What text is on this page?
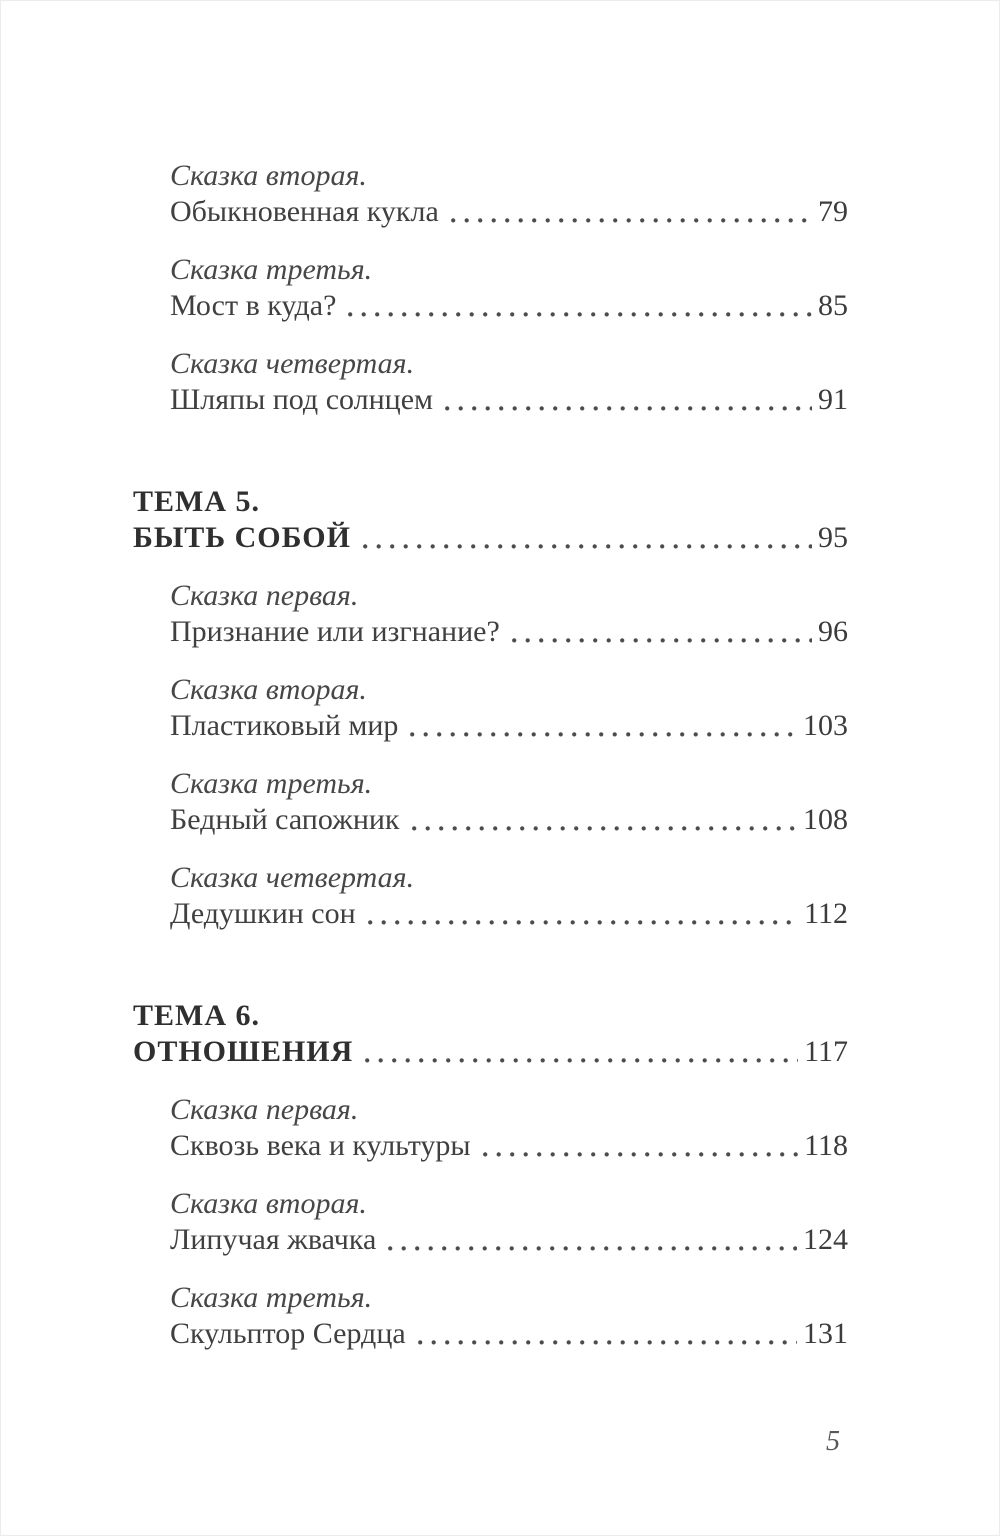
Сказка вторая.
Обыкновенная кукла	79
Сказка третья.
Мост в куда?	85
Сказка четвертая.
Шляпы под солнцем	91
ТЕМА 5.
БЫТЬ СОБОЙ	95
Сказка первая.
Признание или изгнание?	96
Сказка вторая.
Пластиковый мир	103
Сказка третья.
Бедный сапожник	108
Сказка четвертая.
Дедушкин сон	112
ТЕМА 6.
ОТНОШЕНИЯ	117
Сказка первая.
Сквозь века и культуры	118
Сказка вторая.
Липучая жвачка	124
Сказка третья.
Скульптор Сердца	131
5
